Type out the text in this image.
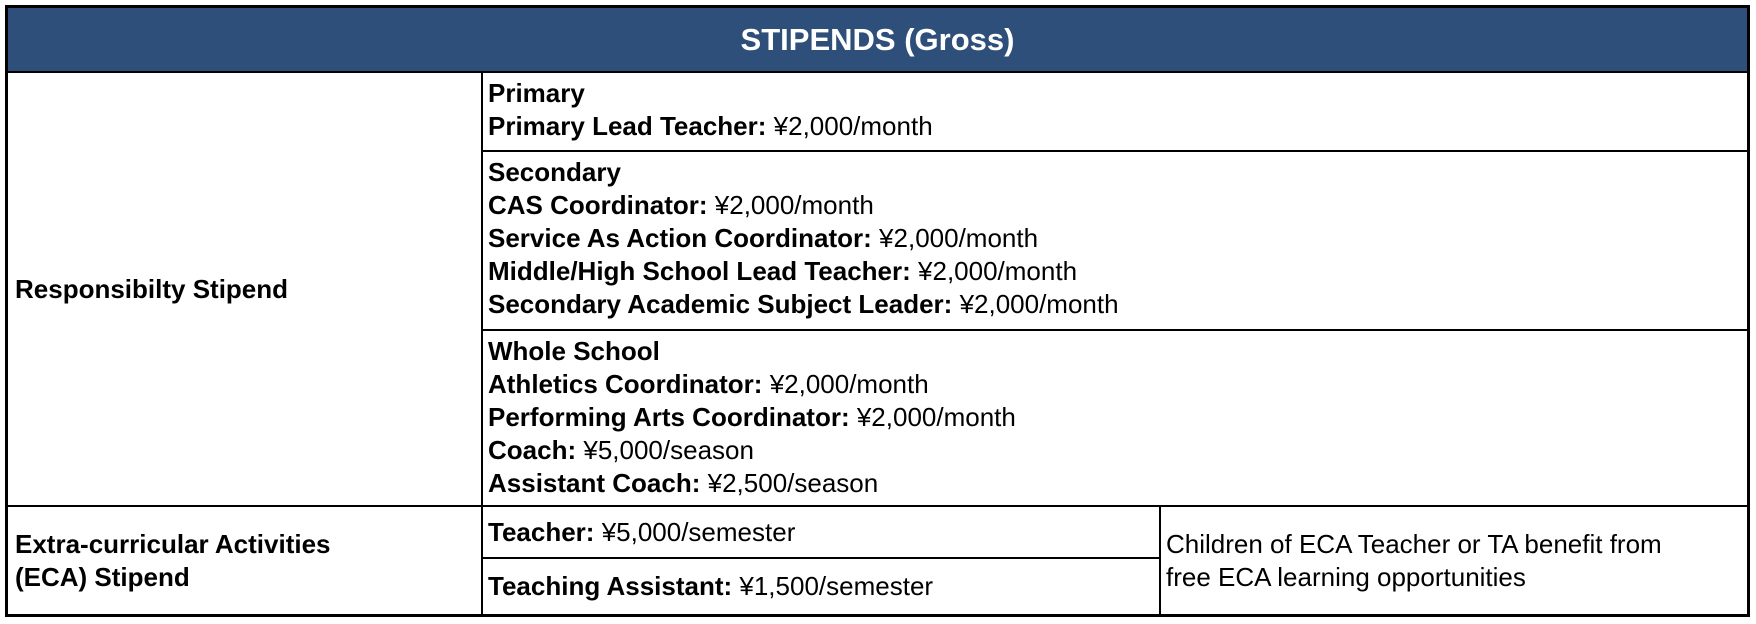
STIPENDS (Gross)
Responsibilty Stipend
Primary
Primary Lead Teacher: ¥2,000/month
Secondary
CAS Coordinator: ¥2,000/month
Service As Action Coordinator: ¥2,000/month
Middle/High School Lead Teacher: ¥2,000/month
Secondary Academic Subject Leader: ¥2,000/month
Whole School
Athletics Coordinator: ¥2,000/month
Performing Arts Coordinator: ¥2,000/month
Coach: ¥5,000/season
Assistant Coach: ¥2,500/season
Extra-curricular Activities
(ECA) Stipend
Teacher: ¥5,000/semester
Teaching Assistant: ¥1,500/semester
Children of ECA Teacher or TA benefit from
free ECA learning opportunities
